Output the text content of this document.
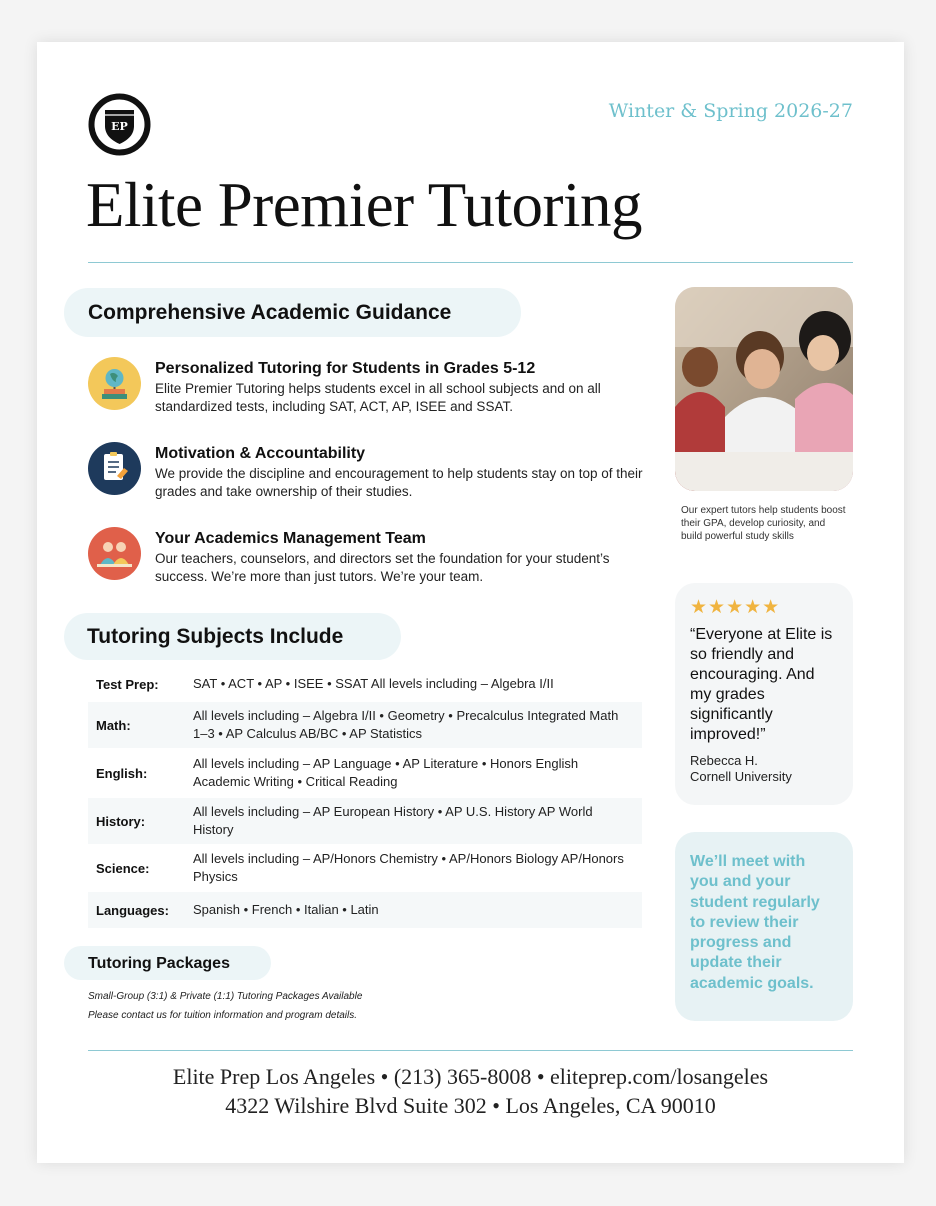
EP
Winter & Spring 2026-27
Elite Premier Tutoring
Comprehensive Academic Guidance
Personalized Tutoring for Students in Grades 5-12
Elite Premier Tutoring helps students excel in all school subjects and on all standardized tests, including SAT, ACT, AP, ISEE and SSAT.
Motivation & Accountability
We provide the discipline and encouragement to help students stay on top of their grades and take ownership of their studies.
Your Academics Management Team
Our teachers, counselors, and directors set the foundation for your student’s success. We’re more than just tutors. We’re your team.
Tutoring Subjects Include
Test Prep:	SAT • ACT • AP • ISEE • SSAT All levels including – Algebra I/II
Math:
All levels including – Algebra I/II • Geometry • Precalculus Integrated Math 1–3 • AP Calculus AB/BC • AP Statistics
English:
All levels including – AP Language • AP Literature • Honors English Academic Writing • Critical Reading
History:
All levels including – AP European History • AP U.S. History AP World History
Science:
All levels including – AP/Honors Chemistry • AP/Honors Biology AP/Honors Physics
Languages:	Spanish • French • Italian • Latin
Tutoring Packages
Small-Group (3:1) & Private (1:1) Tutoring Packages Available
Please contact us for tuition information and program details.
Our expert tutors help students boost their GPA, develop curiosity, and build powerful study skills
★★★★★
“Everyone at Elite is so friendly and encouraging. And my grades significantly improved!”
Rebecca H.
Cornell University
We’ll meet with you and your student regularly to review their progress and update their academic goals.
Elite Prep Los Angeles • (213) 365-8008 • eliteprep.com/losangeles
4322 Wilshire Blvd Suite 302 • Los Angeles, CA 90010
